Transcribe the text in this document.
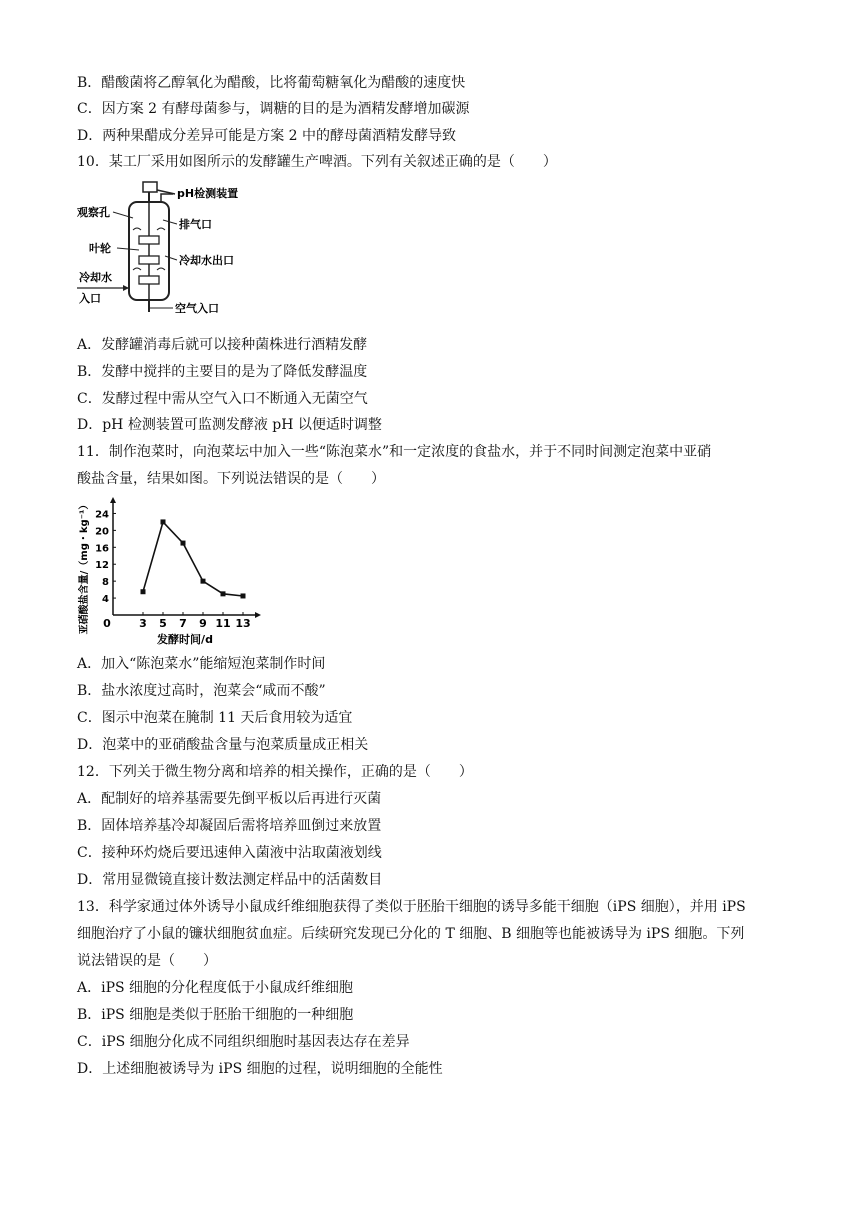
B．醋酸菌将乙醇氧化为醋酸，比将葡萄糖氧化为醋酸的速度快
C．因方案 2 有酵母菌参与，调糖的目的是为酒精发酵增加碳源
D．两种果醋成分差异可能是方案 2 中的酵母菌酒精发酵导致
10．某工厂采用如图所示的发酵罐生产啤酒。下列有关叙述正确的是（　　）
pH检测装置
观察孔
排气口
叶轮
冷却水出口
冷却水
入口
空气入口
A．发酵罐消毒后就可以接种菌株进行酒精发酵
B．发酵中搅拌的主要目的是为了降低发酵温度
C．发酵过程中需从空气入口不断通入无菌空气
D．pH 检测装置可监测发酵液 pH 以便适时调整
11．制作泡菜时，向泡菜坛中加入一些“陈泡菜水”和一定浓度的食盐水，并于不同时间测定泡菜中亚硝
酸盐含量，结果如图。下列说法错误的是（　　）
0	3 5 7 9 11 13
4
8
12
16
20
24
发酵时间/d
亚硝酸盐含量/（mg・kg⁻¹）
A．加入“陈泡菜水”能缩短泡菜制作时间
B．盐水浓度过高时，泡菜会“咸而不酸”
C．图示中泡菜在腌制 11 天后食用较为适宜
D．泡菜中的亚硝酸盐含量与泡菜质量成正相关
12．下列关于微生物分离和培养的相关操作，正确的是（　　）
A．配制好的培养基需要先倒平板以后再进行灭菌
B．固体培养基冷却凝固后需将培养皿倒过来放置
C．接种环灼烧后要迅速伸入菌液中沾取菌液划线
D．常用显微镜直接计数法测定样品中的活菌数目
13．科学家通过体外诱导小鼠成纤维细胞获得了类似于胚胎干细胞的诱导多能干细胞（iPS 细胞），并用 iPS
细胞治疗了小鼠的镰状细胞贫血症。后续研究发现已分化的 T 细胞、B 细胞等也能被诱导为 iPS 细胞。下列
说法错误的是（　　）
A．iPS 细胞的分化程度低于小鼠成纤维细胞
B．iPS 细胞是类似于胚胎干细胞的一种细胞
C．iPS 细胞分化成不同组织细胞时基因表达存在差异
D．上述细胞被诱导为 iPS 细胞的过程，说明细胞的全能性
